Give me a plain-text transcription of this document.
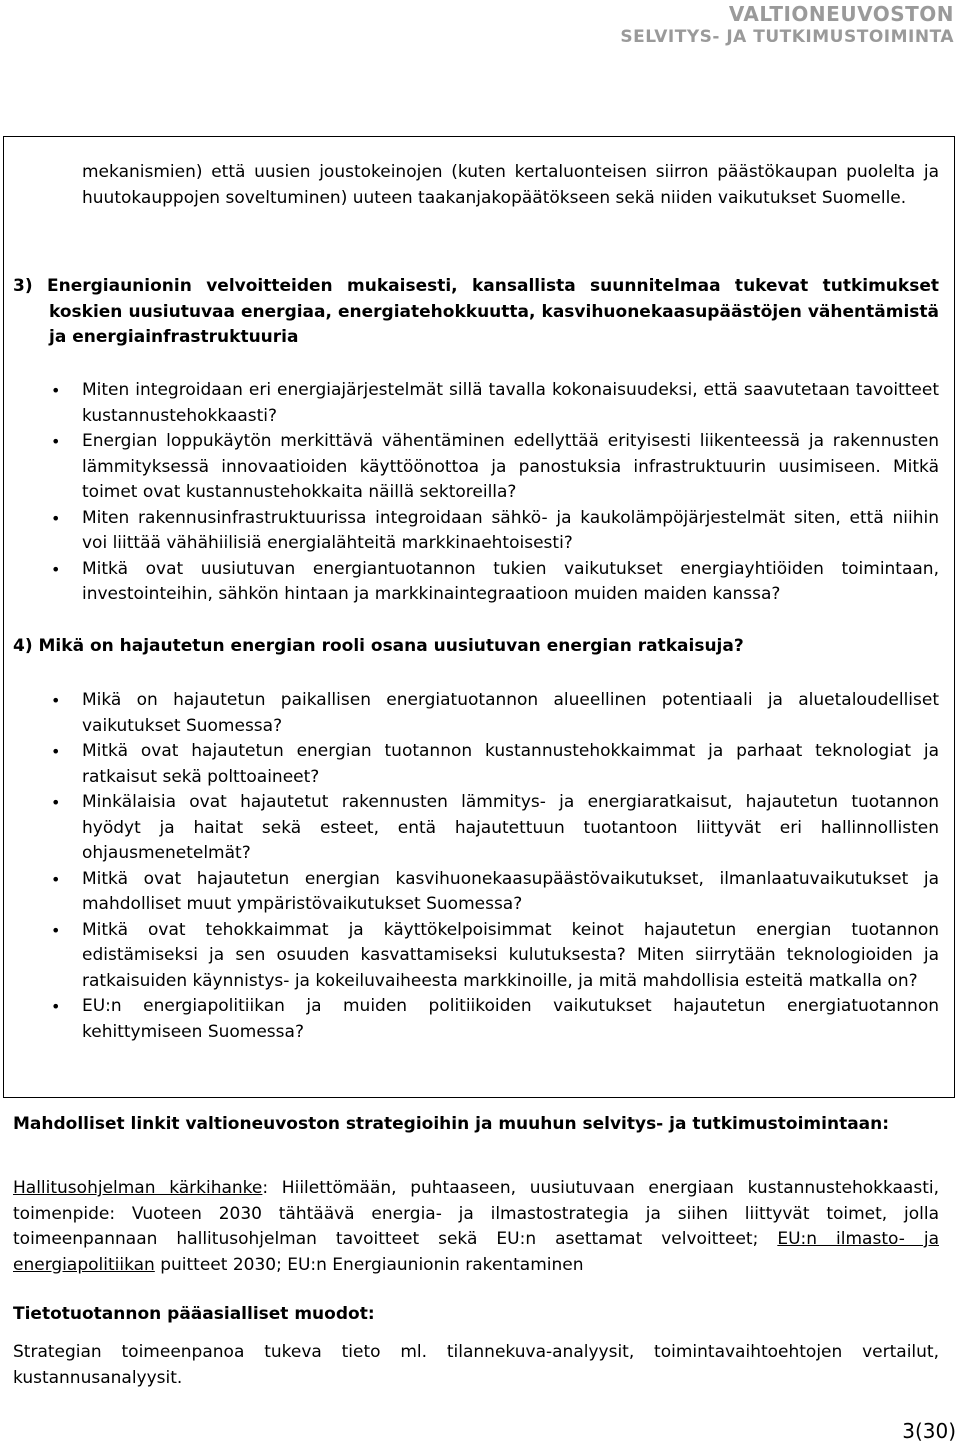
VALTIONEUVOSTON
SELVITYS- JA TUTKIMUSTOIMINTA

mekanismien) että uusien joustokeinojen (kuten kertaluonteisen siirron päästökaupan puolelta ja huutokauppojen soveltuminen) uuteen taakanjakopäätökseen sekä niiden vaikutukset Suomelle.

3) Energiaunionin velvoitteiden mukaisesti, kansallista suunnitelmaa tukevat tutkimukset koskien uusiutuvaa energiaa, energiatehokkuutta, kasvihuonekaasupäästöjen vähentämistä ja energiainfrastruktuuria

• Miten integroidaan eri energiajärjestelmät sillä tavalla kokonaisuudeksi, että saavutetaan tavoitteet kustannustehokkaasti?
• Energian loppukäytön merkittävä vähentäminen edellyttää erityisesti liikenteessä ja rakennusten lämmityksessä innovaatioiden käyttöönottoa ja panostuksia infrastruktuurin uusimiseen. Mitkä toimet ovat kustannustehokkaita näillä sektoreilla?
• Miten rakennusinfrastruktuurissa integroidaan sähkö- ja kaukolämpöjärjestelmät siten, että niihin voi liittää vähähiilisiä energialähteitä markkinaehtoisesti?
• Mitkä ovat uusiutuvan energiantuotannon tukien vaikutukset energiayhtiöiden toimintaan, investointeihin, sähkön hintaan ja markkinaintegraatioon muiden maiden kanssa?

4) Mikä on hajautetun energian rooli osana uusiutuvan energian ratkaisuja?

• Mikä on hajautetun paikallisen energiatuotannon alueellinen potentiaali ja aluetaloudelliset vaikutukset Suomessa?
• Mitkä ovat hajautetun energian tuotannon kustannustehokkaimmat ja parhaat teknologiat ja ratkaisut sekä polttoaineet?
• Minkälaisia ovat hajautetut rakennusten lämmitys- ja energiaratkaisut, hajautetun tuotannon hyödyt ja haitat sekä esteet, entä hajautettuun tuotantoon liittyvät eri hallinnollisten ohjausmenetelmät?
• Mitkä ovat hajautetun energian kasvihuonekaasupäästövaikutukset, ilmanlaatuvaikutukset ja mahdolliset muut ympäristövaikutukset Suomessa?
• Mitkä ovat tehokkaimmat ja käyttökelpoisimmat keinot hajautetun energian tuotannon edistämiseksi ja sen osuuden kasvattamiseksi kulutuksesta? Miten siirrytään teknologioiden ja ratkaisuiden käynnistys- ja kokeiluvaiheesta markkinoille, ja mitä mahdollisia esteitä matkalla on?
• EU:n energiapolitiikan ja muiden politiikoiden vaikutukset hajautetun energiatuotannon kehittymiseen Suomessa?

Mahdolliset linkit valtioneuvoston strategioihin ja muuhun selvitys- ja tutkimustoimintaan:

Hallitusohjelman kärkihanke: Hiilettömään, puhtaaseen, uusiutuvaan energiaan kustannustehokkaasti, toimenpide: Vuoteen 2030 tähtäävä energia- ja ilmastostrategia ja siihen liittyvät toimet, jolla toimeenpannaan hallitusohjelman tavoitteet sekä EU:n asettamat velvoitteet; EU:n ilmasto- ja energiapolitiikan puitteet 2030; EU:n Energiaunionin rakentaminen

Tietotuotannon pääasialliset muodot:

Strategian toimeenpanoa tukeva tieto ml. tilannekuva-analyysit, toimintavaihtoehtojen vertailut, kustannusanalyysit.

3(30)
